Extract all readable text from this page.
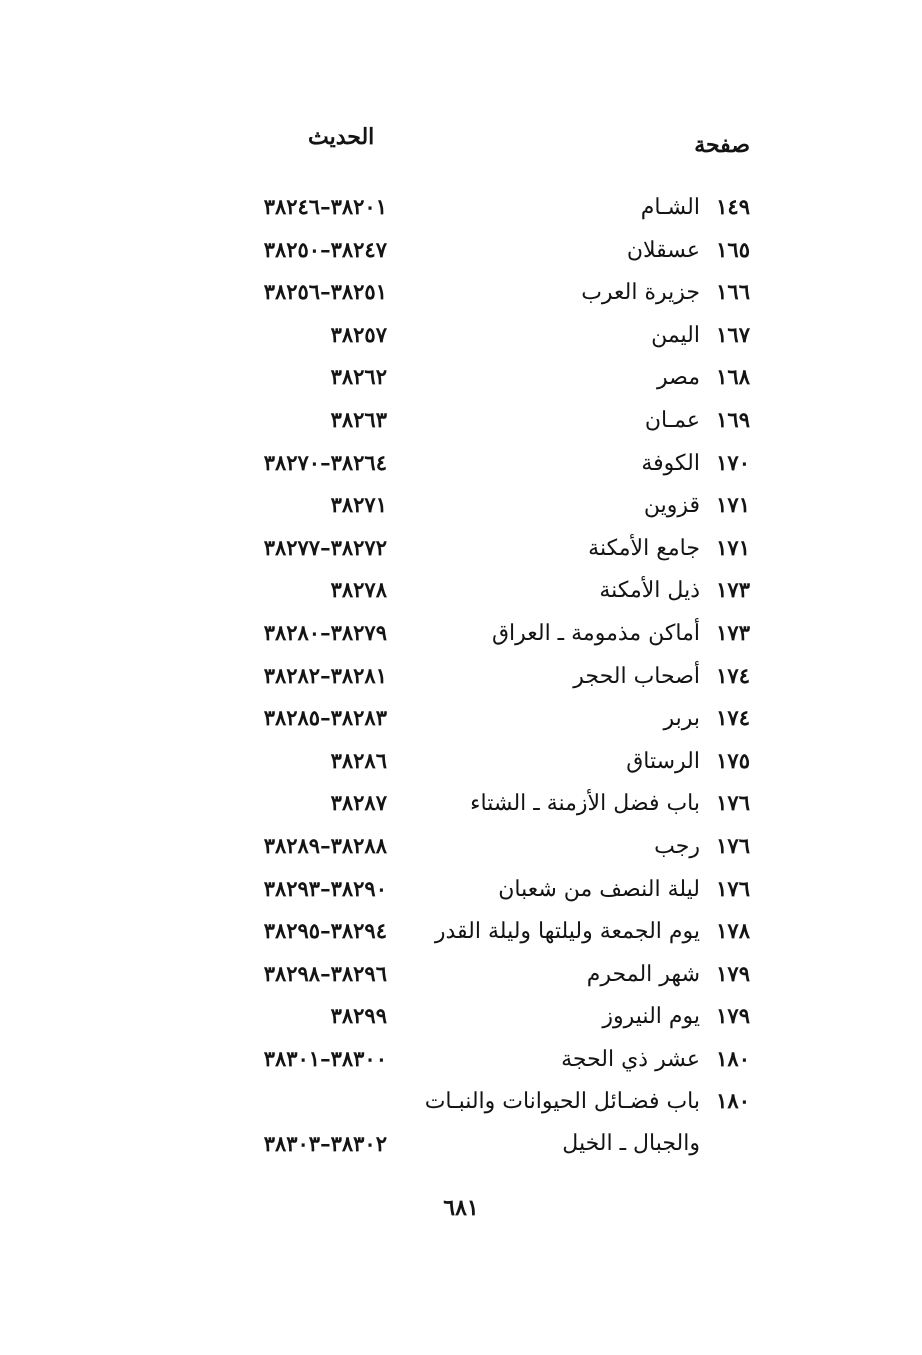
صفحة
الحديث
١٤٩
الشـام
٣٨٢٠١–٣٨٢٤٦
١٦٥
عسقلان
٣٨٢٤٧–٣٨٢٥٠
١٦٦
جزيرة العرب
٣٨٢٥١–٣٨٢٥٦
١٦٧
اليمن
٣٨٢٥٧
١٦٨
مصر
٣٨٢٦٢
١٦٩
عمـان
٣٨٢٦٣
١٧٠
الكوفة
٣٨٢٦٤–٣٨٢٧٠
١٧١
قزوين
٣٨٢٧١
١٧١
جامع الأمكنة
٣٨٢٧٢–٣٨٢٧٧
١٧٣
ذيل الأمكنة
٣٨٢٧٨
١٧٣
أماكن مذمومة ـ العراق
٣٨٢٧٩–٣٨٢٨٠
١٧٤
أصحاب الحجر
٣٨٢٨١–٣٨٢٨٢
١٧٤
بربر
٣٨٢٨٣–٣٨٢٨٥
١٧٥
الرستاق
٣٨٢٨٦
١٧٦
باب فضل الأزمنة ـ الشتاء
٣٨٢٨٧
١٧٦
رجب
٣٨٢٨٨–٣٨٢٨٩
١٧٦
ليلة النصف من شعبان
٣٨٢٩٠–٣٨٢٩٣
١٧٨
يوم الجمعة وليلتها وليلة القدر
٣٨٢٩٤–٣٨٢٩٥
١٧٩
شهر المحرم
٣٨٢٩٦–٣٨٢٩٨
١٧٩
يوم النيروز
٣٨٢٩٩
١٨٠
عشر ذي الحجة
٣٨٣٠٠–٣٨٣٠١
١٨٠
باب فضـائل الحيوانات والنبـات
والجبال ـ الخيل
٣٨٣٠٢–٣٨٣٠٣
٦٨١
